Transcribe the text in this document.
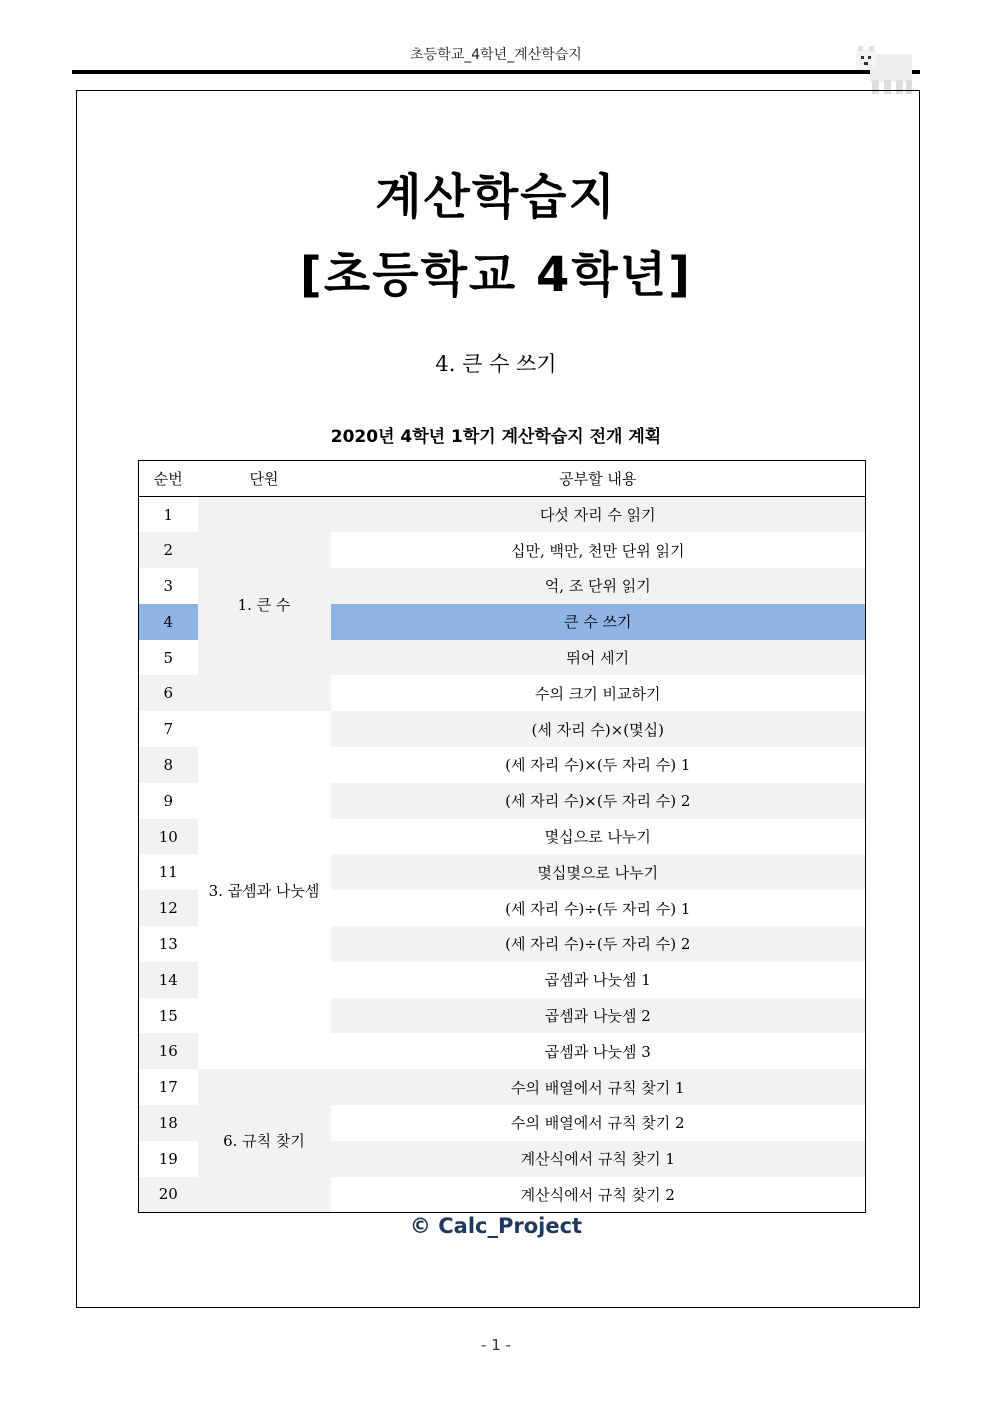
초등학교_4학년_계산학습지
계산학습지
[초등학교 4학년]
4. 큰 수 쓰기
2020년 4학년 1학기 계산학습지 전개 계획
순번	단원	공부할 내용
1	1. 큰 수	다섯 자리 수 읽기
2		십만, 백만, 천만 단위 읽기
3		억, 조 단위 읽기
4		큰 수 쓰기
5		뛰어 세기
6		수의 크기 비교하기
7	3. 곱셈과 나눗셈	(세 자리 수)×(몇십)
8		(세 자리 수)×(두 자리 수) 1
9		(세 자리 수)×(두 자리 수) 2
10		몇십으로 나누기
11		몇십몇으로 나누기
12		(세 자리 수)÷(두 자리 수) 1
13		(세 자리 수)÷(두 자리 수) 2
14		곱셈과 나눗셈 1
15		곱셈과 나눗셈 2
16		곱셈과 나눗셈 3
17	6. 규칙 찾기	수의 배열에서 규칙 찾기 1
18		수의 배열에서 규칙 찾기 2
19		계산식에서 규칙 찾기 1
20		계산식에서 규칙 찾기 2
© Calc_Project
- 1 -
